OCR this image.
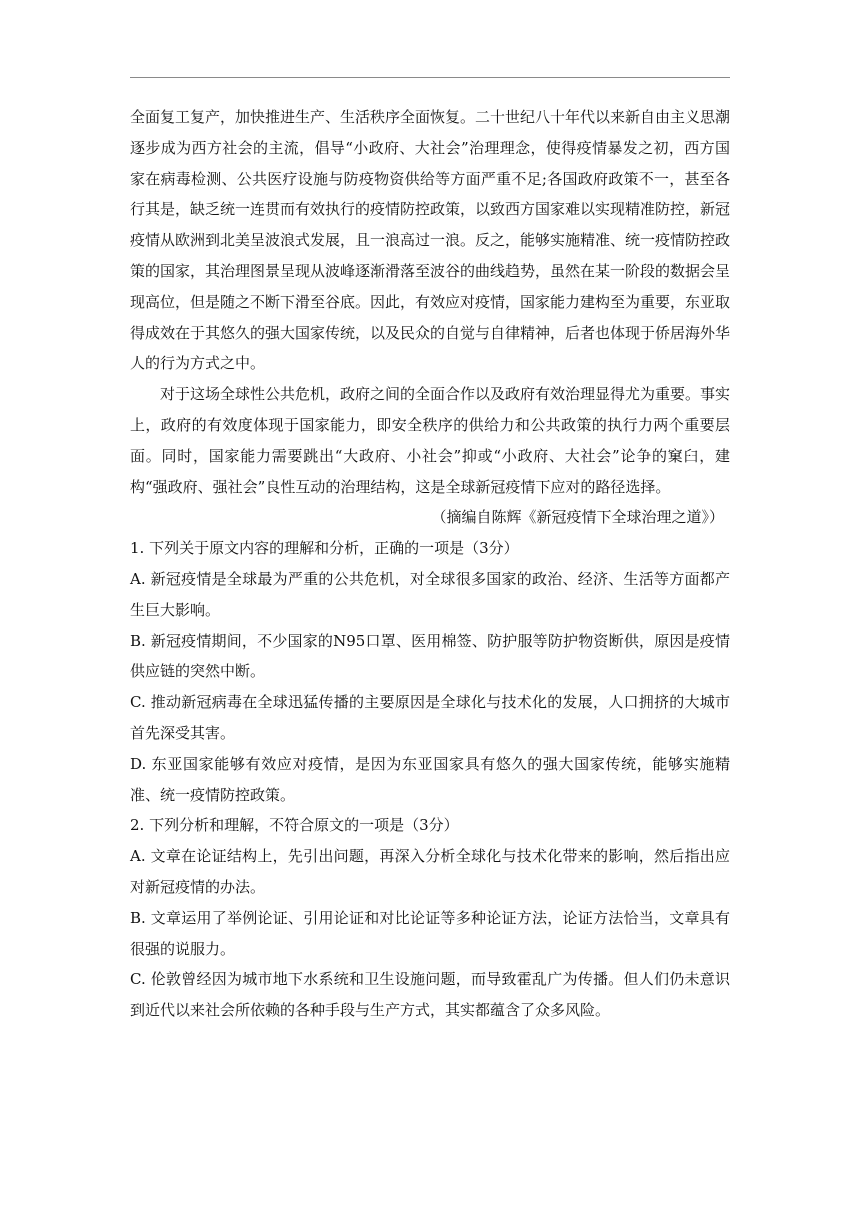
全面复工复产，加快推进生产、生活秩序全面恢复。二十世纪八十年代以来新自由主义思潮逐步成为西方社会的主流，倡导“小政府、大社会”治理理念，使得疫情暴发之初，西方国家在病毒检测、公共医疗设施与防疫物资供给等方面严重不足;各国政府政策不一，甚至各行其是，缺乏统一连贯而有效执行的疫情防控政策，以致西方国家难以实现精准防控，新冠疫情从欧洲到北美呈波浪式发展，且一浪高过一浪。反之，能够实施精准、统一疫情防控政策的国家，其治理图景呈现从波峰逐渐滑落至波谷的曲线趋势，虽然在某一阶段的数据会呈现高位，但是随之不断下滑至谷底。因此，有效应对疫情，国家能力建构至为重要，东亚取得成效在于其悠久的强大国家传统，以及民众的自觉与自律精神，后者也体现于侨居海外华人的行为方式之中。

对于这场全球性公共危机，政府之间的全面合作以及政府有效治理显得尤为重要。事实上，政府的有效度体现于国家能力，即安全秩序的供给力和公共政策的执行力两个重要层面。同时，国家能力需要跳出“大政府、小社会”抑或“小政府、大社会”论争的窠臼，建构“强政府、强社会”良性互动的治理结构，这是全球新冠疫情下应对的路径选择。

（摘编自陈辉《新冠疫情下全球治理之道》）

1. 下列关于原文内容的理解和分析，正确的一项是（3分）

A. 新冠疫情是全球最为严重的公共危机，对全球很多国家的政治、经济、生活等方面都产生巨大影响。

B. 新冠疫情期间，不少国家的N95口罩、医用棉签、防护服等防护物资断供，原因是疫情供应链的突然中断。

C. 推动新冠病毒在全球迅猛传播的主要原因是全球化与技术化的发展，人口拥挤的大城市首先深受其害。

D. 东亚国家能够有效应对疫情，是因为东亚国家具有悠久的强大国家传统，能够实施精准、统一疫情防控政策。

2. 下列分析和理解，不符合原文的一项是（3分）

A. 文章在论证结构上，先引出问题，再深入分析全球化与技术化带来的影响，然后指出应对新冠疫情的办法。

B. 文章运用了举例论证、引用论证和对比论证等多种论证方法，论证方法恰当，文章具有很强的说服力。

C. 伦敦曾经因为城市地下水系统和卫生设施问题，而导致霍乱广为传播。但人们仍未意识到近代以来社会所依赖的各种手段与生产方式，其实都蕴含了众多风险。
